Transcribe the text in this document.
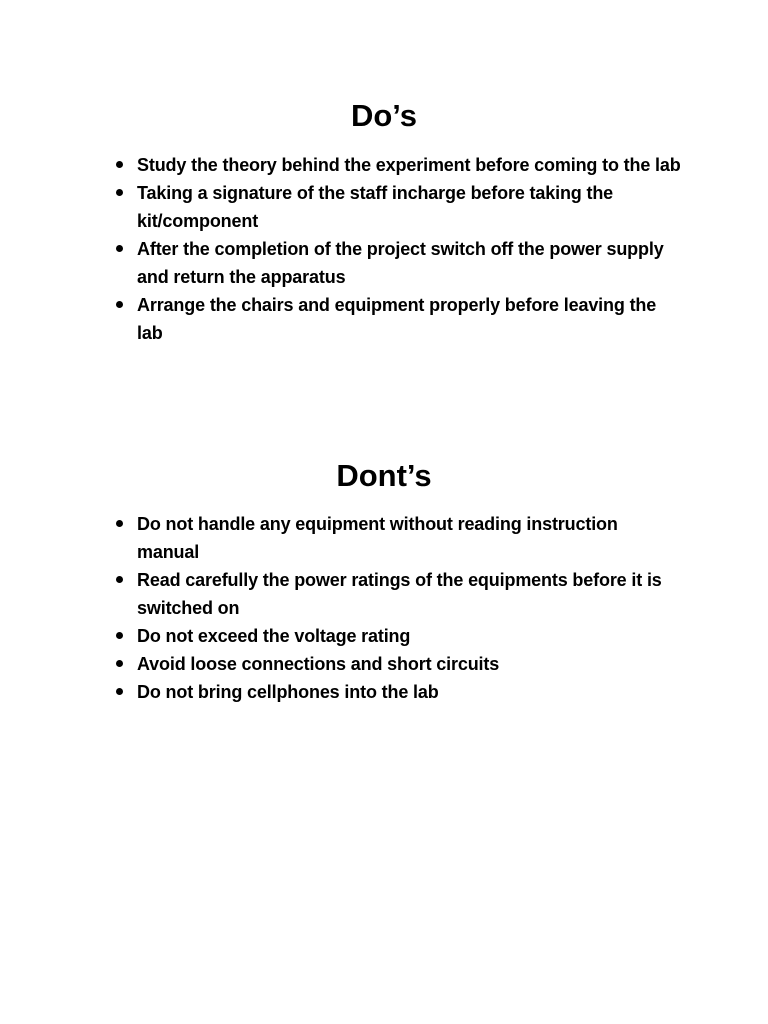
Do’s
Study the theory behind the experiment before coming to the lab
Taking a signature of the staff incharge before taking the kit/component
After the completion of the project switch off the power supply and return the apparatus
Arrange the chairs and equipment properly before leaving the lab
Dont’s
Do not handle any equipment without reading instruction manual
Read carefully the power ratings of the equipments before it is switched on
Do not exceed the voltage rating
Avoid loose connections and short circuits
Do not bring cellphones into the lab
